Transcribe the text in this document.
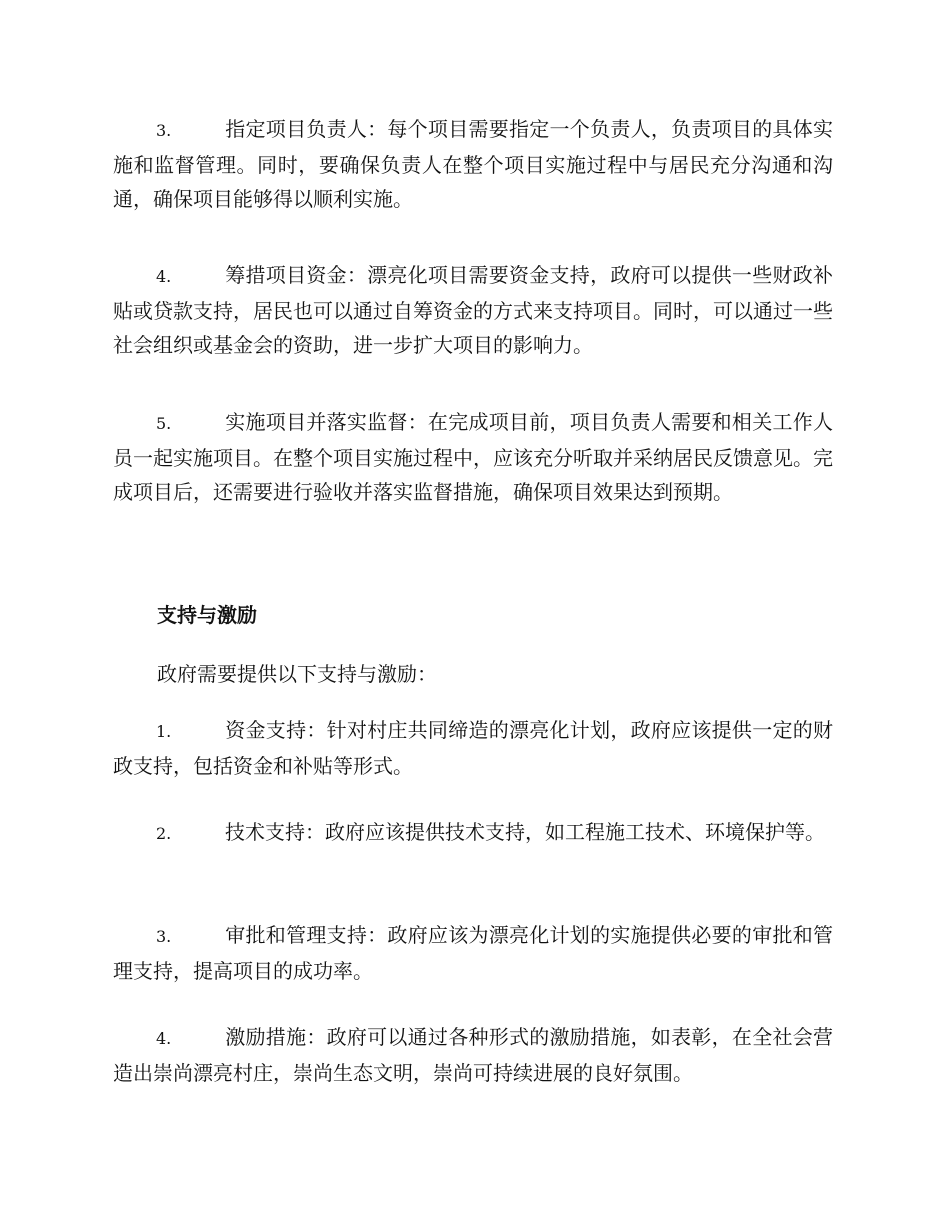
3.	指定项目负责人：每个项目需要指定一个负责人，负责项目的具体实施和监督管理。同时，要确保负责人在整个项目实施过程中与居民充分沟通和沟通，确保项目能够得以顺利实施。
4.	筹措项目资金：漂亮化项目需要资金支持，政府可以提供一些财政补贴或贷款支持，居民也可以通过自筹资金的方式来支持项目。同时，可以通过一些社会组织或基金会的资助，进一步扩大项目的影响力。
5.	实施项目并落实监督：在完成项目前，项目负责人需要和相关工作人员一起实施项目。在整个项目实施过程中，应该充分听取并采纳居民反馈意见。完成项目后，还需要进行验收并落实监督措施，确保项目效果达到预期。
支持与激励
政府需要提供以下支持与激励：
1.	资金支持：针对村庄共同缔造的漂亮化计划，政府应该提供一定的财政支持，包括资金和补贴等形式。
2.	技术支持：政府应该提供技术支持，如工程施工技术、环境保护等。
3.	审批和管理支持：政府应该为漂亮化计划的实施提供必要的审批和管理支持，提高项目的成功率。
4.	激励措施：政府可以通过各种形式的激励措施，如表彰，在全社会营造出崇尚漂亮村庄，崇尚生态文明，崇尚可持续进展的良好氛围。
